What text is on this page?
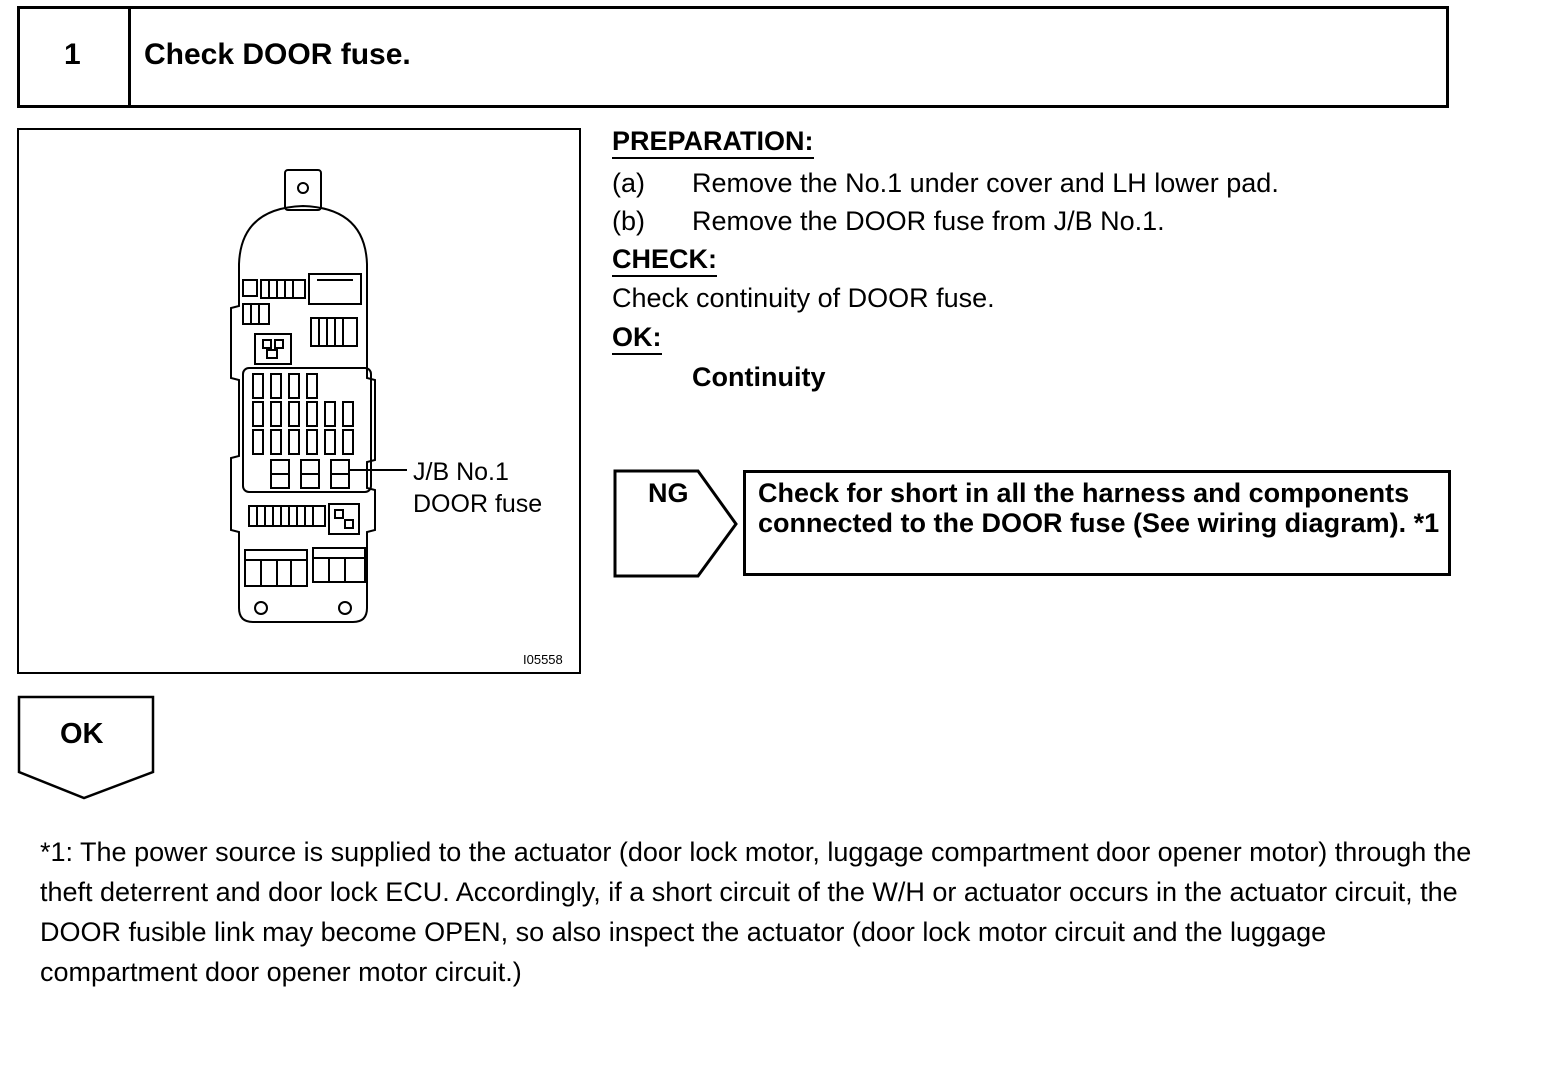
1 Check DOOR fuse.
J/B No.1
DOOR fuse
I05558
PREPARATION:
(a) Remove the No.1 under cover and LH lower pad.
(b) Remove the DOOR fuse from J/B No.1.
CHECK:
Check continuity of DOOR fuse.
OK:
Continuity
NG	Check for short in all the harness and components connected to the DOOR fuse (See wiring diagram). *1
OK
*1: The power source is supplied to the actuator (door lock motor, luggage compartment door opener motor) through the theft deterrent and door lock ECU. Accordingly, if a short circuit of the W/H or actuator occurs in the actuator circuit, the DOOR fusible link may become OPEN, so also inspect the actuator (door lock motor circuit and the luggage compartment door opener motor circuit.)
